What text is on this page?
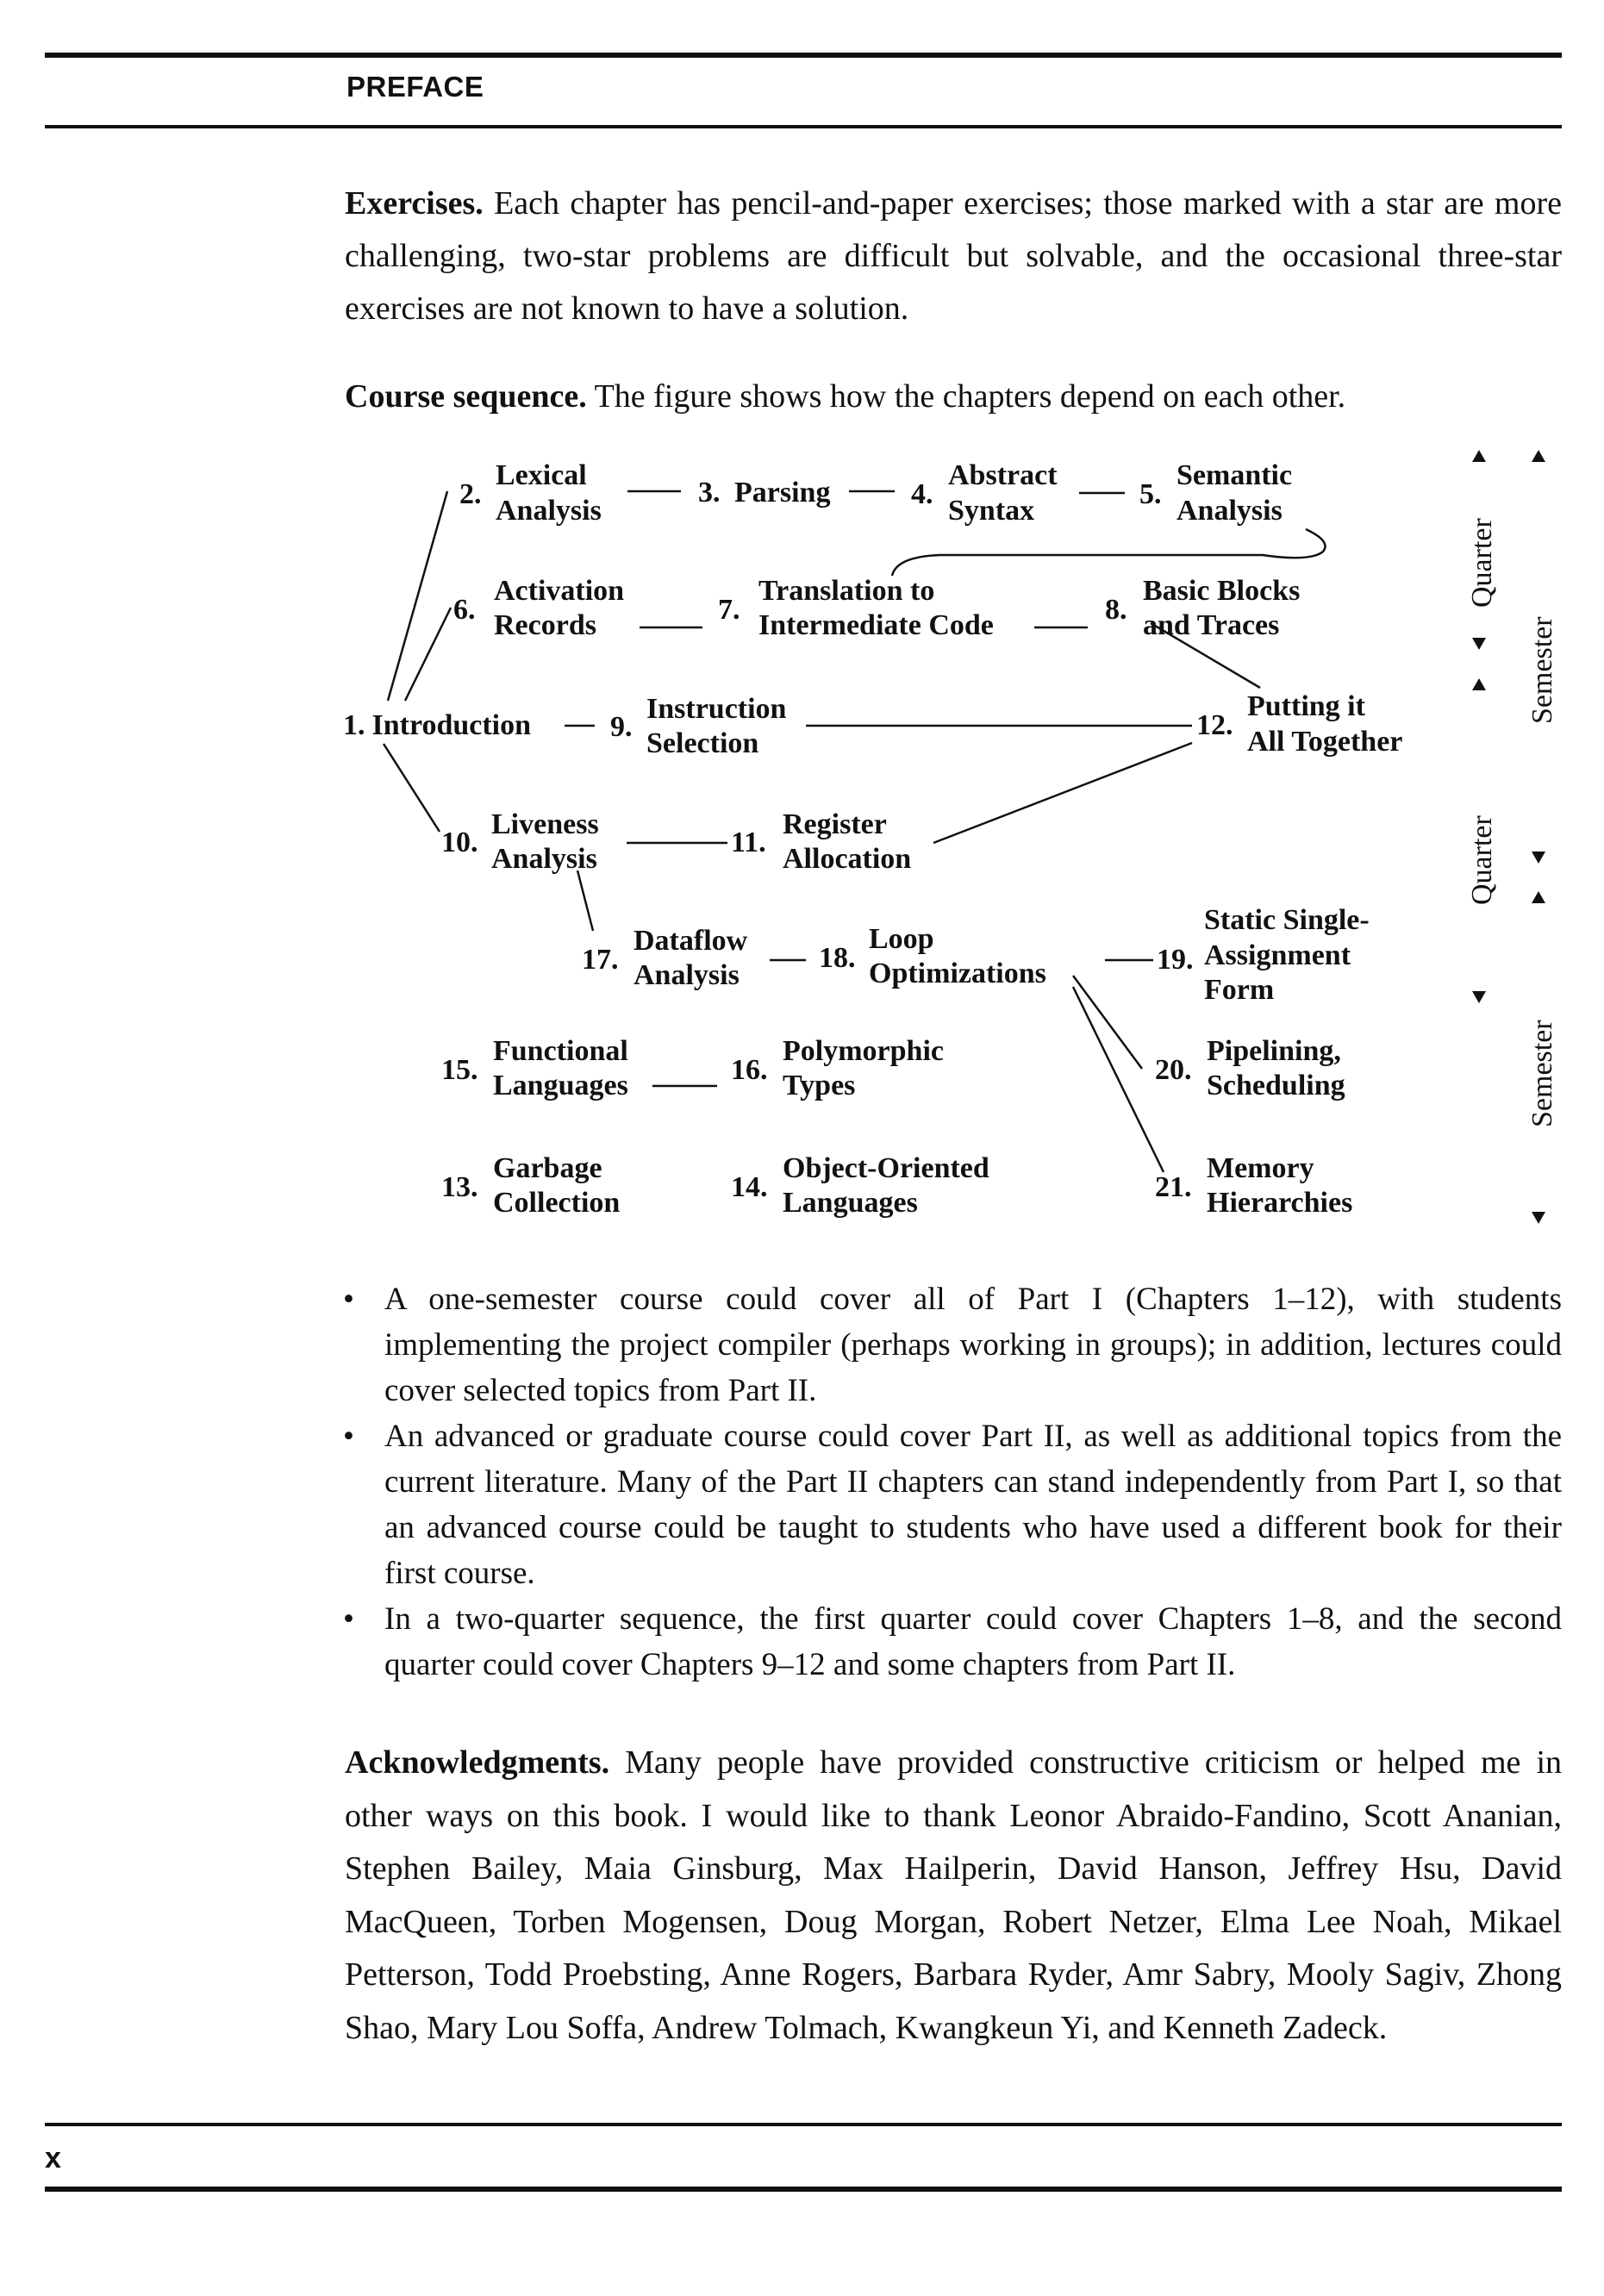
PREFACE

Exercises. Each chapter has pencil-and-paper exercises; those marked with a star are more challenging, two-star problems are difficult but solvable, and the occasional three-star exercises are not known to have a solution.

Course sequence. The figure shows how the chapters depend on each other.

1. Introduction
2.
Lexical
Analysis
3. Parsing	4.
Abstract
Syntax
5.
Semantic
Analysis
6.
Activation
Records	7.
Translation to
Intermediate Code	8.
Basic Blocks
and Traces
9.
Instruction
Selection
12.
Putting it
All Together
10.
Liveness
Analysis
11.
Register
Allocation
17.
Dataflow
Analysis
18.
Loop
Optimizations	19.
Static Single-
Assignment
Form
15.
Functional
Languages	16.
Polymorphic
Types	20.
Pipelining,
Scheduling
13.
Garbage
Collection	14.
Object-Oriented
Languages	21.
Memory
Hierarchies
Quarter
Quarter
Semester
Semester
• A one-semester course could cover all of Part I (Chapters 1–12), with students implementing the project compiler (perhaps working in groups); in addition, lectures could cover selected topics from Part II.
• An advanced or graduate course could cover Part II, as well as additional topics from the current literature. Many of the Part II chapters can stand independently from Part I, so that an advanced course could be taught to students who have used a different book for their first course.
• In a two-quarter sequence, the first quarter could cover Chapters 1–8, and the second quarter could cover Chapters 9–12 and some chapters from Part II.

Acknowledgments. Many people have provided constructive criticism or helped me in other ways on this book. I would like to thank Leonor Abraido-Fandino, Scott Ananian, Stephen Bailey, Maia Ginsburg, Max Hailperin, David Hanson, Jeffrey Hsu, David MacQueen, Torben Mogensen, Doug Morgan, Robert Netzer, Elma Lee Noah, Mikael Petterson, Todd Proebsting, Anne Rogers, Barbara Ryder, Amr Sabry, Mooly Sagiv, Zhong Shao, Mary Lou Soffa, Andrew Tolmach, Kwangkeun Yi, and Kenneth Zadeck.

x
